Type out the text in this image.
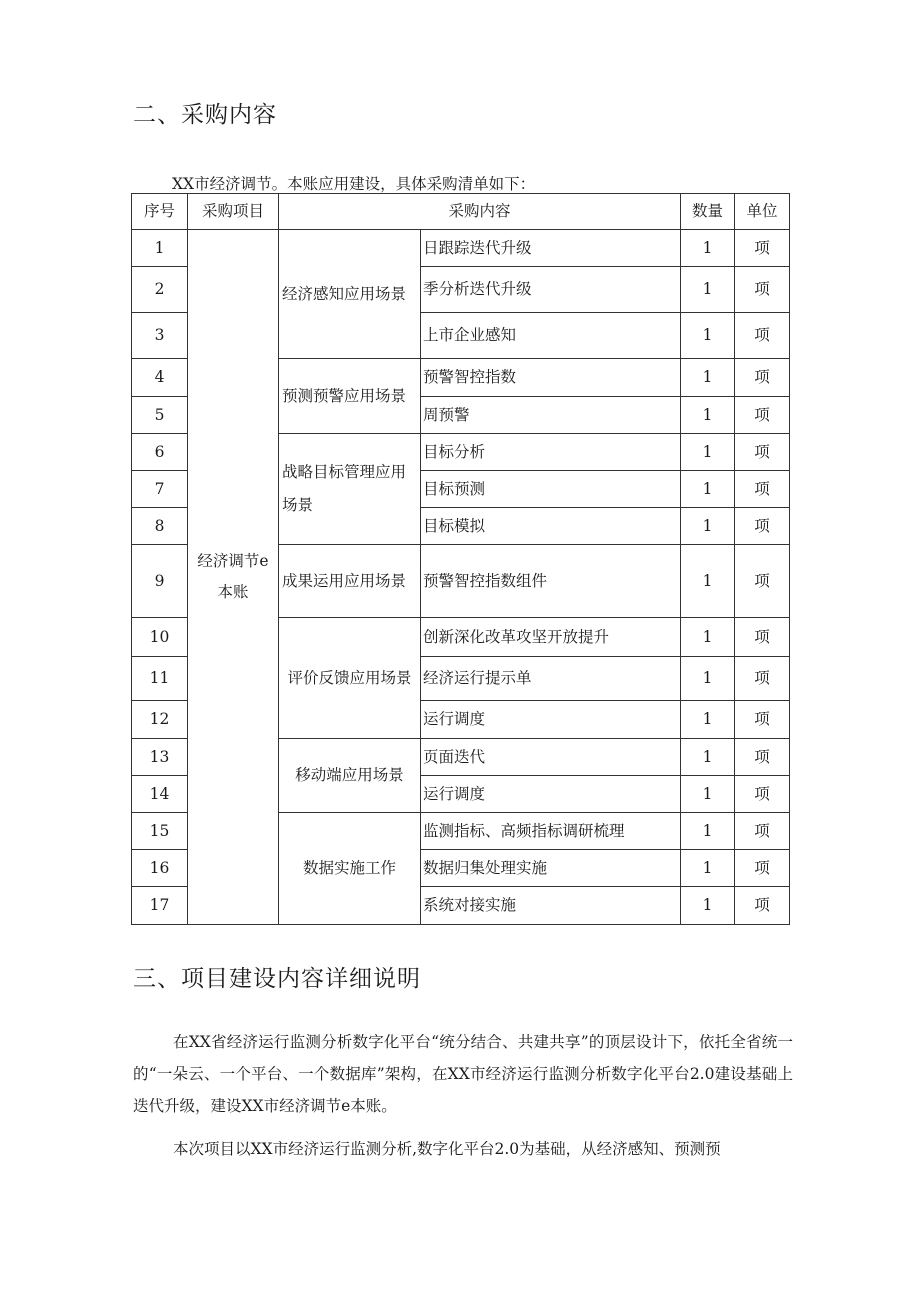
二、采购内容

XX市经济调节。本账应用建设，具体采购清单如下：

序号	采购项目	采购内容		数量	单位
1	经济调节e本账	经济感知应用场景	日跟踪迭代升级	1	项
2			季分析迭代升级	1	项
3			上市企业感知	1	项
4		预测预警应用场景	预警智控指数	1	项
5			周预警	1	项
6		战略目标管理应用场景	目标分析	1	项
7			目标预测	1	项
8			目标模拟	1	项
9		成果运用应用场景	预警智控指数组件	1	项
10		评价反馈应用场景	创新深化改革攻坚开放提升	1	项
11			经济运行提示单	1	项
12			运行调度	1	项
13		移动端应用场景	页面迭代	1	项
14			运行调度	1	项
15		数据实施工作	监测指标、高频指标调研梳理	1	项
16			数据归集处理实施	1	项
17			系统对接实施	1	项
三、项目建设内容详细说明

在XX省经济运行监测分析数字化平台“统分结合、共建共享”的顶层设计下，依托全省统一的“一朵云、一个平台、一个数据库”架构，在XX市经济运行监测分析数字化平台2.0建设基础上迭代升级，建设XX市经济调节e本账。

本次项目以XX市经济运行监测分析,数字化平台2.0为基础，从经济感知、预测预
